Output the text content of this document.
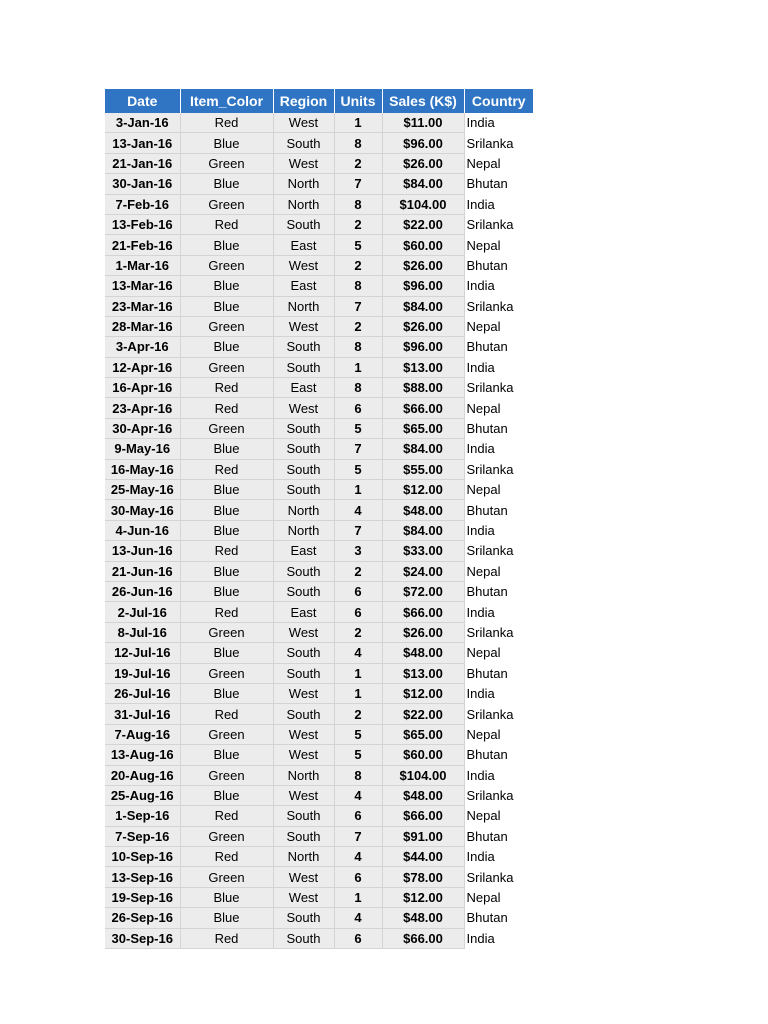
Date	Item_Color	Region	Units	Sales (K$)	Country
3-Jan-16	Red	West	1	$11.00	India
13-Jan-16	Blue	South	8	$96.00	Srilanka
21-Jan-16	Green	West	2	$26.00	Nepal
30-Jan-16	Blue	North	7	$84.00	Bhutan
7-Feb-16	Green	North	8	$104.00	India
13-Feb-16	Red	South	2	$22.00	Srilanka
21-Feb-16	Blue	East	5	$60.00	Nepal
1-Mar-16	Green	West	2	$26.00	Bhutan
13-Mar-16	Blue	East	8	$96.00	India
23-Mar-16	Blue	North	7	$84.00	Srilanka
28-Mar-16	Green	West	2	$26.00	Nepal
3-Apr-16	Blue	South	8	$96.00	Bhutan
12-Apr-16	Green	South	1	$13.00	India
16-Apr-16	Red	East	8	$88.00	Srilanka
23-Apr-16	Red	West	6	$66.00	Nepal
30-Apr-16	Green	South	5	$65.00	Bhutan
9-May-16	Blue	South	7	$84.00	India
16-May-16	Red	South	5	$55.00	Srilanka
25-May-16	Blue	South	1	$12.00	Nepal
30-May-16	Blue	North	4	$48.00	Bhutan
4-Jun-16	Blue	North	7	$84.00	India
13-Jun-16	Red	East	3	$33.00	Srilanka
21-Jun-16	Blue	South	2	$24.00	Nepal
26-Jun-16	Blue	South	6	$72.00	Bhutan
2-Jul-16	Red	East	6	$66.00	India
8-Jul-16	Green	West	2	$26.00	Srilanka
12-Jul-16	Blue	South	4	$48.00	Nepal
19-Jul-16	Green	South	1	$13.00	Bhutan
26-Jul-16	Blue	West	1	$12.00	India
31-Jul-16	Red	South	2	$22.00	Srilanka
7-Aug-16	Green	West	5	$65.00	Nepal
13-Aug-16	Blue	West	5	$60.00	Bhutan
20-Aug-16	Green	North	8	$104.00	India
25-Aug-16	Blue	West	4	$48.00	Srilanka
1-Sep-16	Red	South	6	$66.00	Nepal
7-Sep-16	Green	South	7	$91.00	Bhutan
10-Sep-16	Red	North	4	$44.00	India
13-Sep-16	Green	West	6	$78.00	Srilanka
19-Sep-16	Blue	West	1	$12.00	Nepal
26-Sep-16	Blue	South	4	$48.00	Bhutan
30-Sep-16	Red	South	6	$66.00	India
